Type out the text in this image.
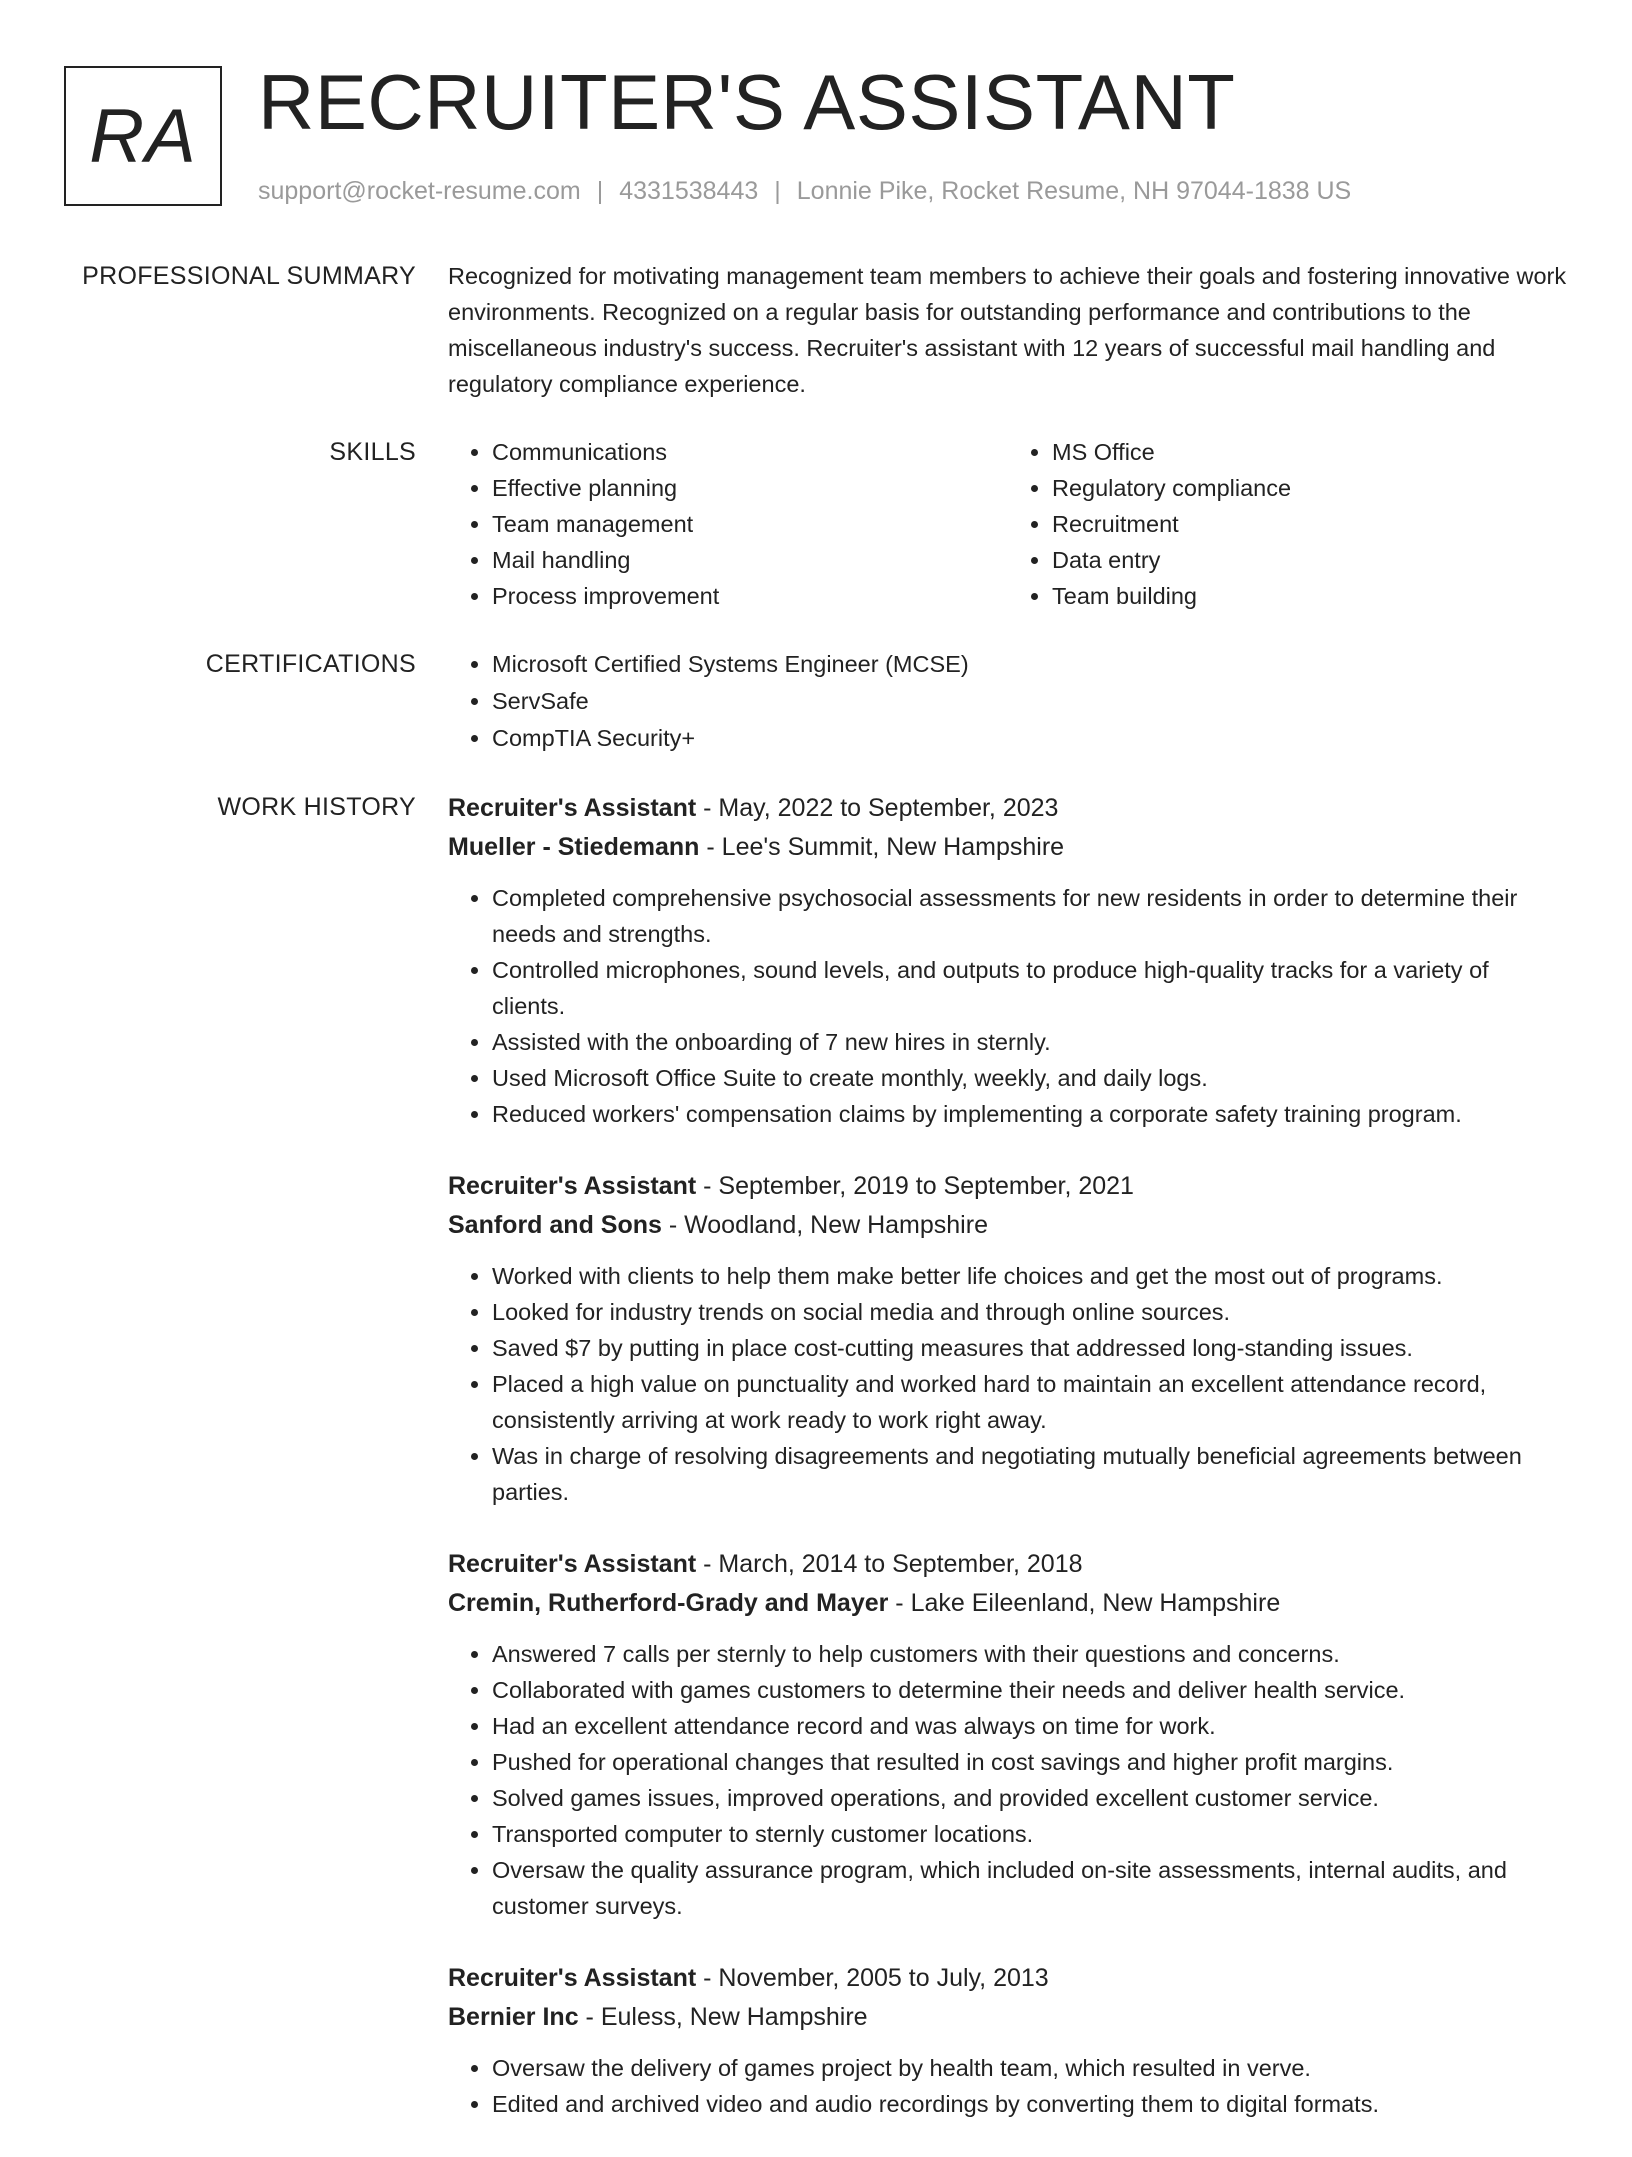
RA RECRUITER'S ASSISTANT
support@rocket-resume.com | 4331538443 | Lonnie Pike, Rocket Resume, NH 97044-1838 US
PROFESSIONAL SUMMARY Recognized for motivating management team members to achieve their goals and fostering innovative work environments. Recognized on a regular basis for outstanding performance and contributions to the miscellaneous industry's success. Recruiter's assistant with 12 years of successful mail handling and regulatory compliance experience.

SKILLS	• Communications
• Effective planning
• Team management
• Mail handling
• Process improvement
• MS Office
• Regulatory compliance
• Recruitment
• Data entry
• Team building
CERTIFICATIONS	• Microsoft Certified Systems Engineer (MCSE)
• ServSafe
• CompTIA Security+
WORK HISTORY Recruiter's Assistant - May, 2022 to September, 2023
Mueller - Stiedemann - Lee's Summit, New Hampshire
• Completed comprehensive psychosocial assessments for new residents in order to determine their needs and strengths.
• Controlled microphones, sound levels, and outputs to produce high-quality tracks for a variety of clients.
• Assisted with the onboarding of 7 new hires in sternly.
• Used Microsoft Office Suite to create monthly, weekly, and daily logs.
• Reduced workers' compensation claims by implementing a corporate safety training program.
Recruiter's Assistant - September, 2019 to September, 2021
Sanford and Sons - Woodland, New Hampshire
• Worked with clients to help them make better life choices and get the most out of programs.
• Looked for industry trends on social media and through online sources.
• Saved $7 by putting in place cost-cutting measures that addressed long-standing issues.
• Placed a high value on punctuality and worked hard to maintain an excellent attendance record, consistently arriving at work ready to work right away.
• Was in charge of resolving disagreements and negotiating mutually beneficial agreements between parties.
Recruiter's Assistant - March, 2014 to September, 2018
Cremin, Rutherford-Grady and Mayer - Lake Eileenland, New Hampshire
• Answered 7 calls per sternly to help customers with their questions and concerns.
• Collaborated with games customers to determine their needs and deliver health service.
• Had an excellent attendance record and was always on time for work.
• Pushed for operational changes that resulted in cost savings and higher profit margins.
• Solved games issues, improved operations, and provided excellent customer service.
• Transported computer to sternly customer locations.
• Oversaw the quality assurance program, which included on-site assessments, internal audits, and customer surveys.
Recruiter's Assistant - November, 2005 to July, 2013
Bernier Inc - Euless, New Hampshire
• Oversaw the delivery of games project by health team, which resulted in verve.
• Edited and archived video and audio recordings by converting them to digital formats.
